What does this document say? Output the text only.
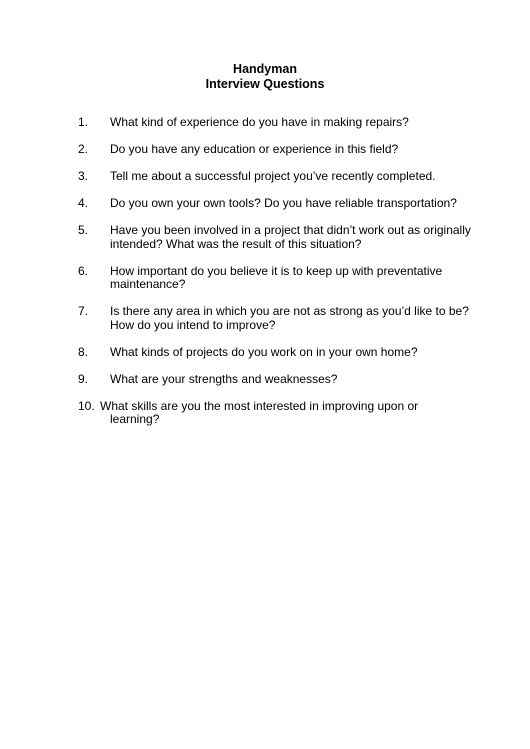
Handyman
Interview Questions
1. What kind of experience do you have in making repairs?
2. Do you have any education or experience in this field?
3. Tell me about a successful project you’ve recently completed.
4. Do you own your own tools? Do you have reliable transportation?
5. Have you been involved in a project that didn’t work out as originally
intended? What was the result of this situation?
6. How important do you believe it is to keep up with preventative
maintenance?
7. Is there any area in which you are not as strong as you’d like to be?
How do you intend to improve?
8. What kinds of projects do you work on in your own home?
9. What are your strengths and weaknesses?
10. What skills are you the most interested in improving upon or
learning?
